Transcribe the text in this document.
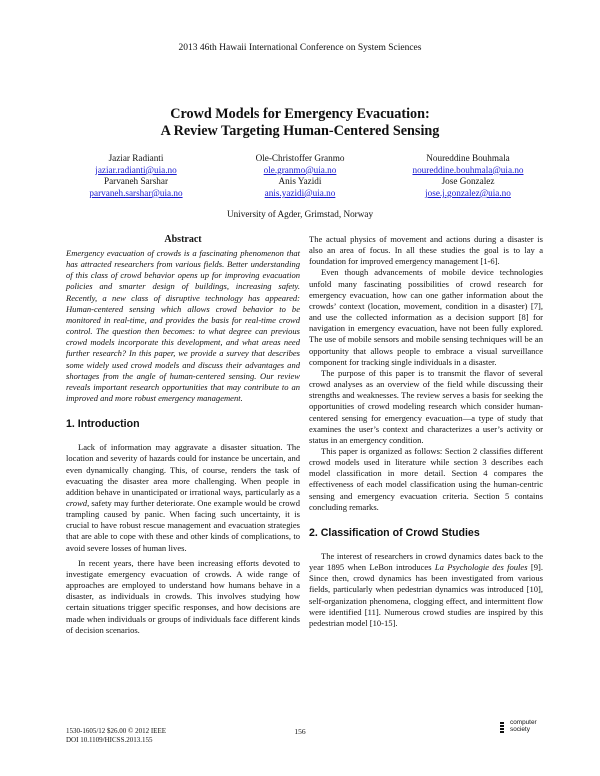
2013 46th Hawaii International Conference on System Sciences
Crowd Models for Emergency Evacuation:
A Review Targeting Human-Centered Sensing
Jaziar Radianti
jaziar.radianti@uia.no
Parvaneh Sarshar
parvaneh.sarshar@uia.no
Ole-Christoffer Granmo
ole.granmo@uia.no
Anis Yazidi
anis.yazidi@uia.no
Noureddine Bouhmala
noureddine.bouhmala@uia.no
Jose Gonzalez
jose.j.gonzalez@uia.no
University of Agder, Grimstad, Norway
Abstract

Emergency evacuation of crowds is a fascinating phenomenon that has attracted researchers from various fields. Better understanding of this class of crowd behavior opens up for improving evacuation policies and smarter design of buildings, increasing safety. Recently, a new class of disruptive technology has appeared: Human-centered sensing which allows crowd behavior to be monitored in real-time, and provides the basis for real-time crowd control. The question then becomes: to what degree can previous crowd models incorporate this development, and what areas need further research? In this paper, we provide a survey that describes some widely used crowd models and discuss their advantages and shortages from the angle of human-centered sensing. Our review reveals important research opportunities that may contribute to an improved and more robust emergency management.

1. Introduction

Lack of information may aggravate a disaster situation. The location and severity of hazards could for instance be uncertain, and even dynamically changing. This, of course, renders the task of evacuating the disaster area more challenging. When people in addition behave in unanticipated or irrational ways, particularly as a crowd, safety may further deteriorate. One example would be crowd trampling caused by panic. When facing such uncertainty, it is crucial to have robust rescue management and evacuation strategies that are able to cope with these and other kinds of complications, to avoid severe losses of human lives.

In recent years, there have been increasing efforts devoted to investigate emergency evacuation of crowds. A wide range of approaches are employed to understand how humans behave in a disaster, as individuals in crowds. This involves studying how certain situations trigger specific responses, and how decisions are made when individuals or groups of individuals face different kinds of decision scenarios.

The actual physics of movement and actions during a disaster is also an area of focus. In all these studies the goal is to lay a foundation for improved emergency management [1-6].

Even though advancements of mobile device technologies unfold many fascinating possibilities of crowd research for emergency evacuation, how can one gather information about the crowds’ context (location, movement, condition in a disaster) [7], and use the collected information as a decision support [8] for navigation in emergency evacuation, have not been fully explored. The use of mobile sensors and mobile sensing techniques will be an opportunity that allows people to embrace a visual surveillance component for tracking single individuals in a disaster.

The purpose of this paper is to transmit the flavor of several crowd analyses as an overview of the field while discussing their strengths and weaknesses. The review serves a basis for seeking the opportunities of crowd modeling research which consider human-centered sensing for emergency evacuation—a type of study that examines the user’s context and characterizes a user’s activity or status in an emergency condition.

This paper is organized as follows: Section 2 classifies different crowd models used in literature while section 3 describes each model classification in more detail. Section 4 compares the effectiveness of each model classification using the human-centric sensing and emergency evacuation criteria. Section 5 contains concluding remarks.

2. Classification of Crowd Studies

The interest of researchers in crowd dynamics dates back to the year 1895 when LeBon introduces La Psychologie des foules [9]. Since then, crowd dynamics has been investigated from various fields, particularly when pedestrian dynamics was introduced [10], self-organization phenomena, clogging effect, and intermittent flow were identified [11]. Numerous crowd studies are inspired by this pedestrian model [10-15].

1530-1605/12 $26.00 © 2012 IEEE
DOI 10.1109/HICSS.2013.155
156
computer
society
